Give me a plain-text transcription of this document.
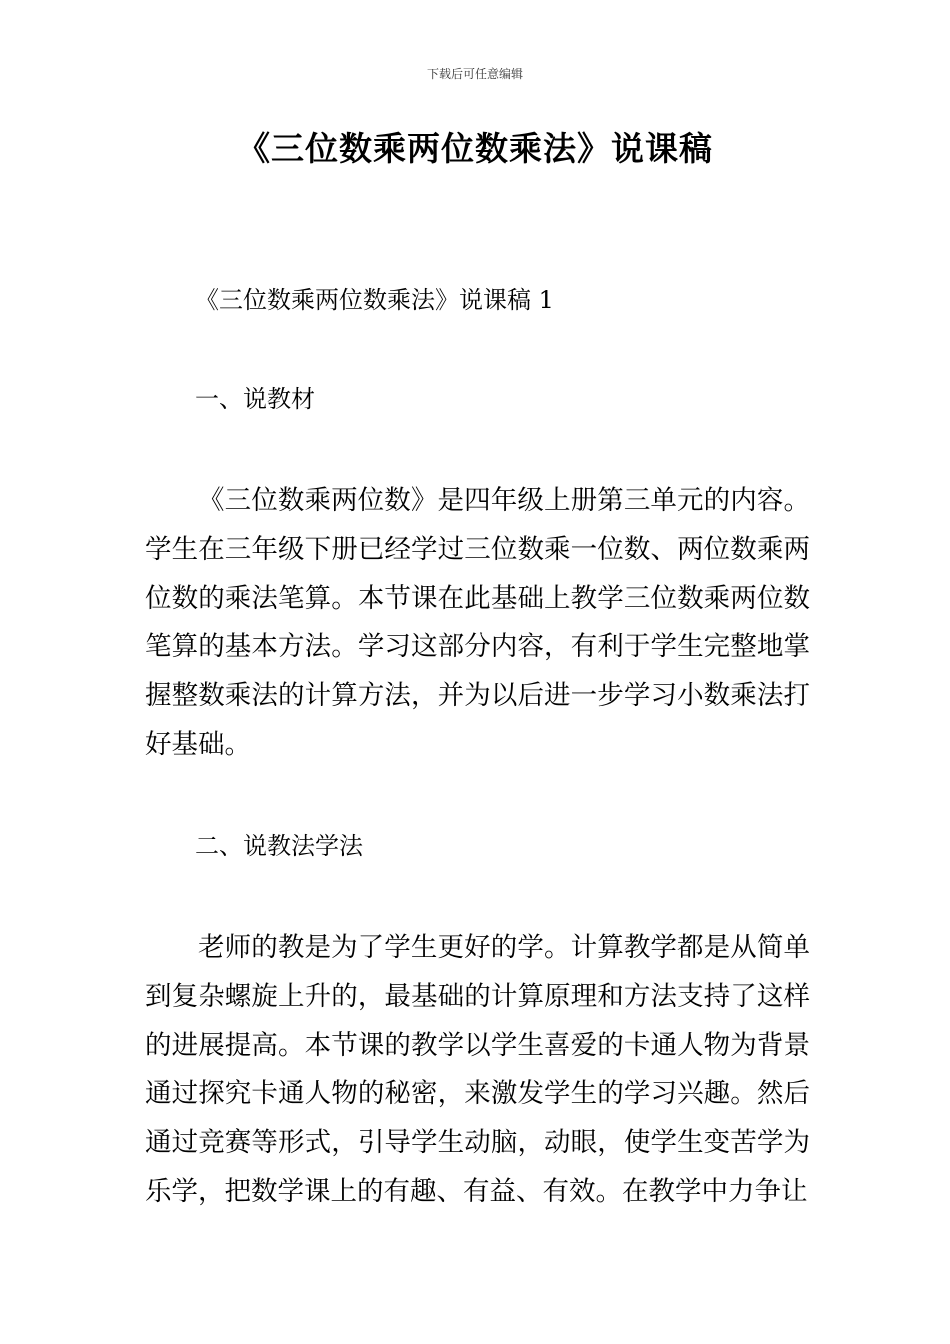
下载后可任意编辑
《三位数乘两位数乘法》说课稿
《三位数乘两位数乘法》说课稿 1
一、说教材

《三位数乘两位数》是四年级上册第三单元的内容。学生在三年级下册已经学过三位数乘一位数、两位数乘两位数的乘法笔算。本节课在此基础上教学三位数乘两位数笔算的基本方法。学习这部分内容，有利于学生完整地掌握整数乘法的计算方法，并为以后进一步学习小数乘法打好基础。

二、说教法学法

老师的教是为了学生更好的学。计算教学都是从简单到复杂螺旋上升的，最基础的计算原理和方法支持了这样的进展提高。本节课的教学以学生喜爱的卡通人物为背景通过探究卡通人物的秘密，来激发学生的学习兴趣。然后通过竞赛等形式，引导学生动脑，动眼，使学生变苦学为乐学，把数学课上的有趣、有益、有效。在教学中力争让
